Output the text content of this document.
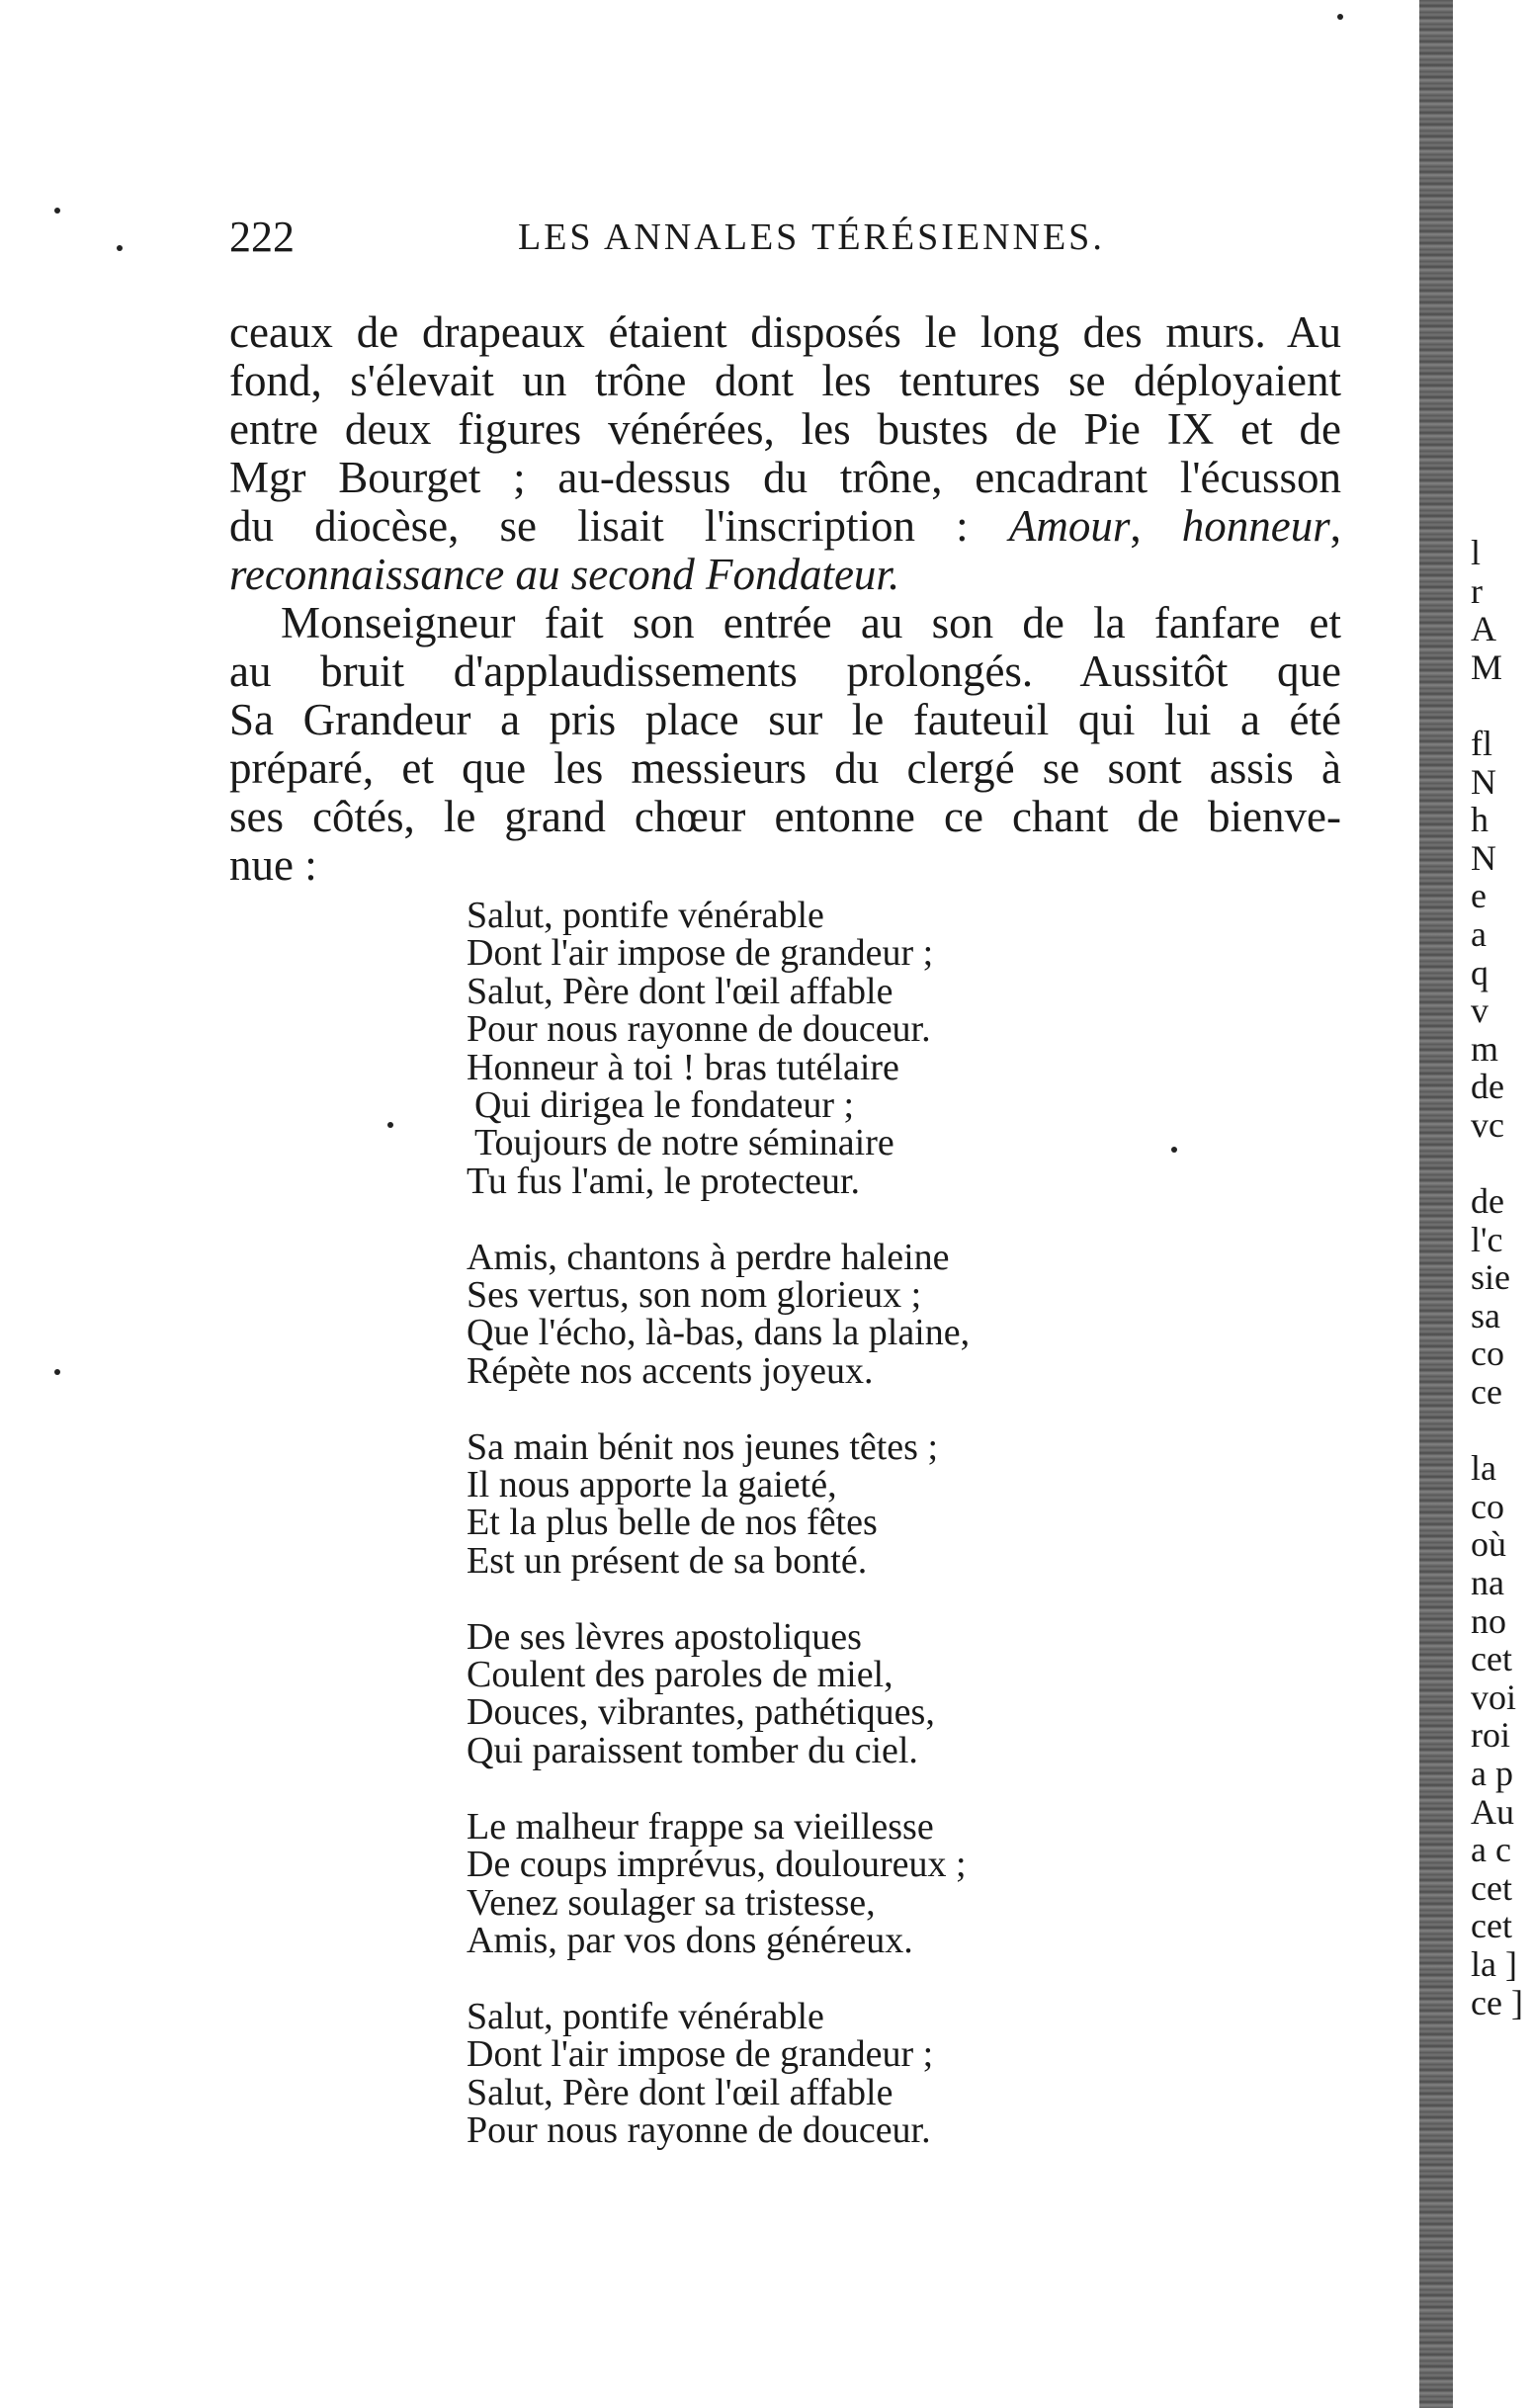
222	LES ANNALES TÉRÉSIENNES.
ceaux de drapeaux étaient disposés le long des murs. Au
fond, s'élevait un trône dont les tentures se déployaient
entre deux figures vénérées, les bustes de Pie IX et de
Mgr Bourget ; au-dessus du trône, encadrant l'écusson
du diocèse, se lisait l'inscription : Amour, honneur,
reconnaissance au second Fondateur.
Monseigneur fait son entrée au son de la fanfare et
au bruit d'applaudissements prolongés. Aussitôt que
Sa Grandeur a pris place sur le fauteuil qui lui a été
préparé, et que les messieurs du clergé se sont assis à
ses côtés, le grand chœur entonne ce chant de bienve-
nue :
Salut, pontife vénérable
Dont l'air impose de grandeur ;
Salut, Père dont l'œil affable
Pour nous rayonne de douceur.
Honneur à toi ! bras tutélaire
Qui dirigea le fondateur ;
Toujours de notre séminaire
Tu fus l'ami, le protecteur.
Amis, chantons à perdre haleine
Ses vertus, son nom glorieux ;
Que l'écho, là-bas, dans la plaine,
Répète nos accents joyeux.
Sa main bénit nos jeunes têtes ;
Il nous apporte la gaieté,
Et la plus belle de nos fêtes
Est un présent de sa bonté.
De ses lèvres apostoliques
Coulent des paroles de miel,
Douces, vibrantes, pathétiques,
Qui paraissent tomber du ciel.
Le malheur frappe sa vieillesse
De coups imprévus, douloureux ;
Venez soulager sa tristesse,
Amis, par vos dons généreux.
Salut, pontife vénérable
Dont l'air impose de grandeur ;
Salut, Père dont l'œil affable
Pour nous rayonne de douceur.
l
r
A
M
fl
N
h
N
e
a
q
v
m
de
vc
de
l'c
sie
sa
co
ce
la
co
où
na
no
cet
voi
roi
a p
Au
a c
cet
cet
la ]
ce ]
